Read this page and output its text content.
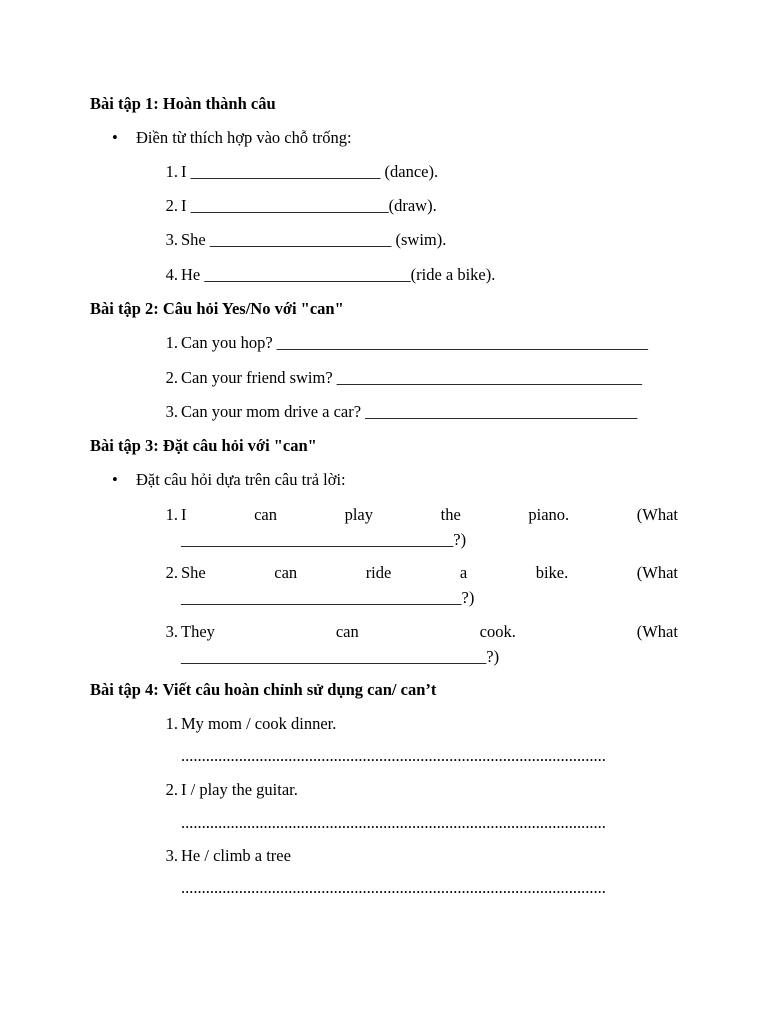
Bài tập 1: Hoàn thành câu
• Điền từ thích hợp vào chỗ trống:
1. I _______________________ (dance).
2. I ________________________(draw).
3. She ______________________ (swim).
4. He _________________________(ride a bike).
Bài tập 2: Câu hỏi Yes/No với "can"
1. Can you hop? _____________________________________________
2. Can your friend swim? _____________________________________
3. Can your mom drive a car? _________________________________
Bài tập 3: Đặt câu hỏi với "can"
• Đặt câu hỏi dựa trên câu trả lời:
1. I	can	play	the	piano.	(What
_________________________________?)
2. She	can	ride	a	bike.	(What
__________________________________?)
3. They	can	cook.	(What
_____________________________________?)
Bài tập 4: Viết câu hoàn chỉnh sử dụng can/ can’t
1. My mom / cook dinner.
.......................................................................................................
2. I / play the guitar.
.......................................................................................................
3. He / climb a tree
.......................................................................................................
